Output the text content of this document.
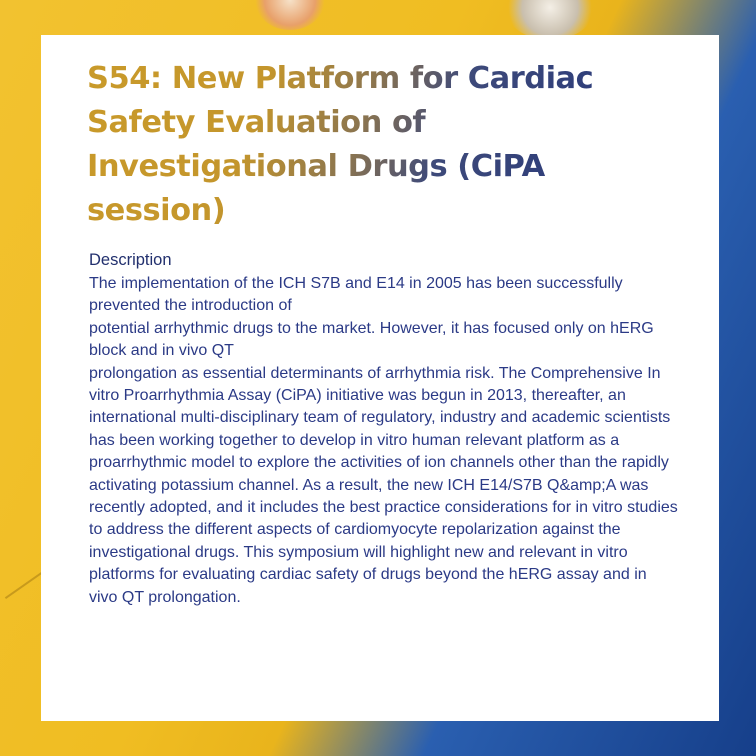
S54: New Platform for Cardiac Safety Evaluation of Investigational Drugs (CiPA session)
Description

The implementation of the ICH S7B and E14 in 2005 has been successfully prevented the introduction of
potential arrhythmic drugs to the market. However, it has focused only on hERG block and in vivo QT
prolongation as essential determinants of arrhythmia risk. The Comprehensive In vitro Proarrhythmia Assay (CiPA) initiative was begun in 2013, thereafter, an international multi-disciplinary team of regulatory, industry and academic scientists has been working together to develop in vitro human relevant platform as a proarrhythmic model to explore the activities of ion channels other than the rapidly activating potassium channel. As a result, the new ICH E14/S7B Q&amp;A was recently adopted, and it includes the best practice considerations for in vitro studies to address the different aspects of cardiomyocyte repolarization against the investigational drugs. This symposium will highlight new and relevant in vitro platforms for evaluating cardiac safety of drugs beyond the hERG assay and in vivo QT prolongation.
